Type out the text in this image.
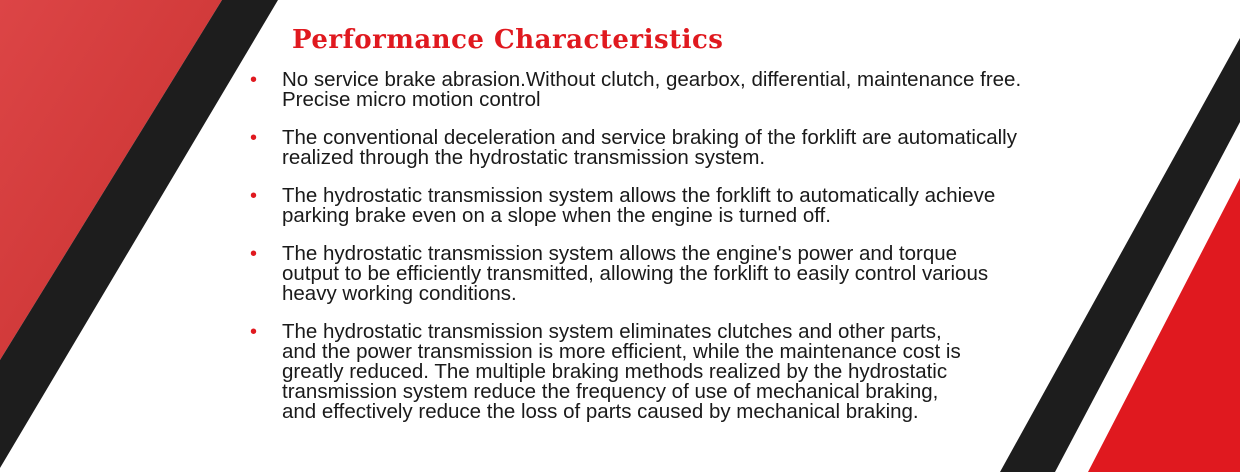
Performance Characteristics
• No service brake abrasion.Without clutch, gearbox, differential, maintenance free.
Precise micro motion control
• The conventional deceleration and service braking of the forklift are automatically
realized through the hydrostatic transmission system.
• The hydrostatic transmission system allows the forklift to automatically achieve
parking brake even on a slope when the engine is turned off.
• The hydrostatic transmission system allows the engine's power and torque
output to be efficiently transmitted, allowing the forklift to easily control various
heavy working conditions.
• The hydrostatic transmission system eliminates clutches and other parts,
and the power transmission is more efficient, while the maintenance cost is
greatly reduced. The multiple braking methods realized by the hydrostatic
transmission system reduce the frequency of use of mechanical braking,
and effectively reduce the loss of parts caused by mechanical braking.
